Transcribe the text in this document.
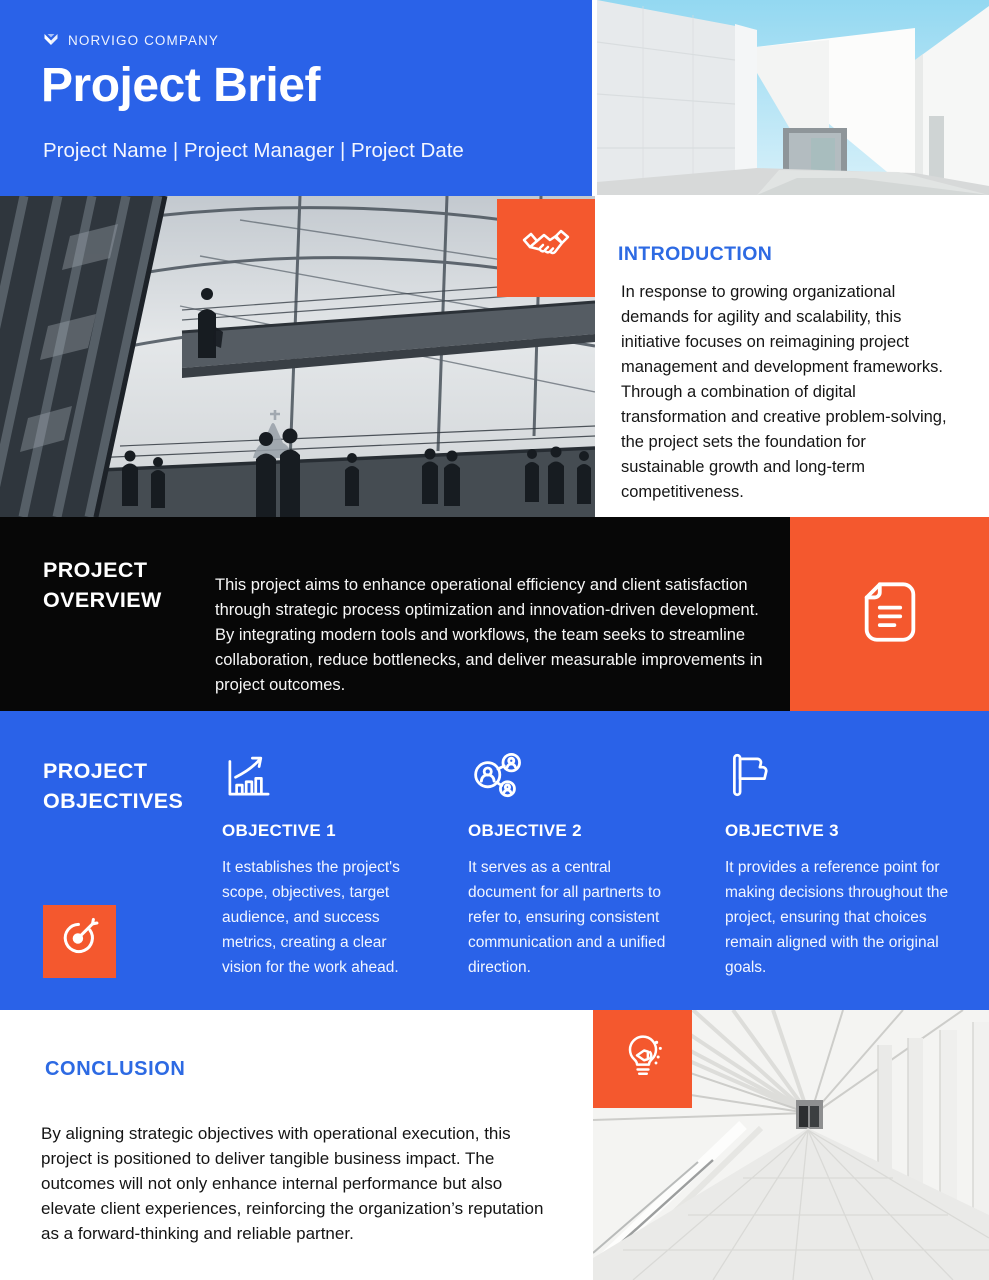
NORVIGO COMPANY
Project Brief
Project Name | Project Manager | Project Date
INTRODUCTION

In response to growing organizational demands for agility and scalability, this initiative focuses on reimagining project management and development frameworks. Through a combination of digital transformation and creative problem-solving, the project sets the foundation for sustainable growth and long-term competitiveness.

PROJECT OVERVIEW

This project aims to enhance operational efficiency and client satisfaction through strategic process optimization and innovation-driven development. By integrating modern tools and workflows, the team seeks to streamline collaboration, reduce bottlenecks, and deliver measurable improvements in project outcomes.

PROJECT OBJECTIVES
OBJECTIVE 1
It establishes the project's scope, objectives, target audience, and success metrics, creating a clear vision for the work ahead.
OBJECTIVE 2
It serves as a central document for all partnerts to refer to, ensuring consistent communication and a unified direction.
OBJECTIVE 3
It provides a reference point for making decisions throughout the project, ensuring that choices remain aligned with the original goals.
CONCLUSION

By aligning strategic objectives with operational execution, this project is positioned to deliver tangible business impact. The outcomes will not only enhance internal performance but also elevate client experiences, reinforcing the organization’s reputation as a forward-thinking and reliable partner.
